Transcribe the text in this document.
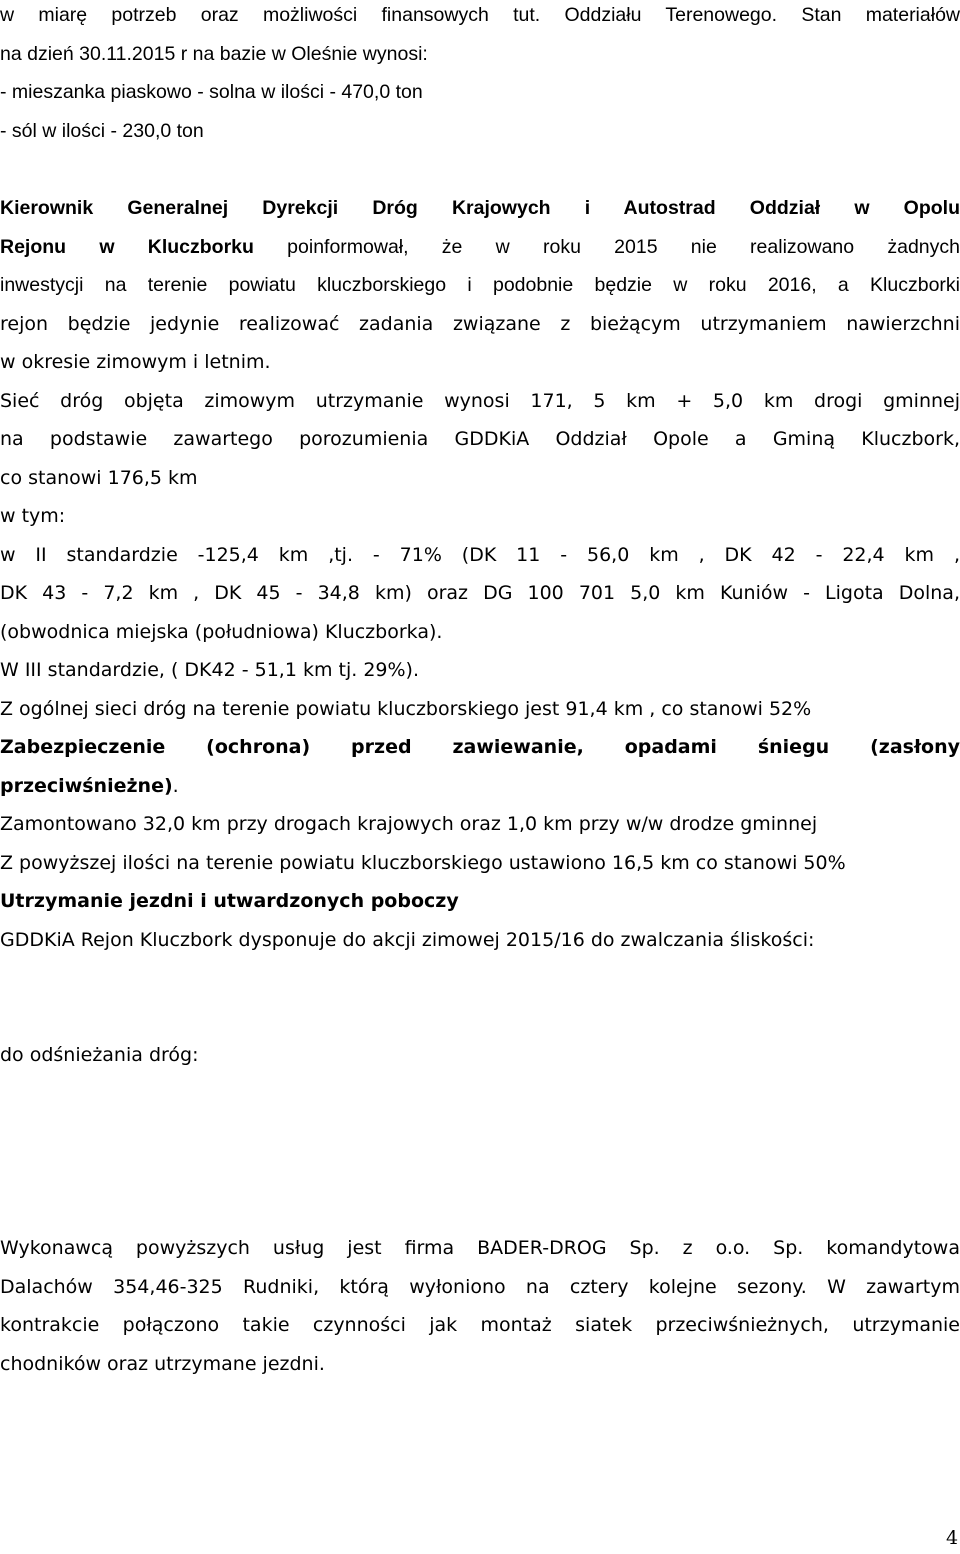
w miarę potrzeb oraz możliwości finansowych tut. Oddziału Terenowego. Stan materiałów
na dzień 30.11.2015 r na bazie w Oleśnie wynosi:
- mieszanka piaskowo - solna w ilości - 470,0 ton
- sól w ilości - 230,0 ton
Kierownik Generalnej Dyrekcji Dróg Krajowych i Autostrad Oddział w Opolu
Rejonu w Kluczborku poinformował, że w roku 2015 nie realizowano żadnych
inwestycji na terenie powiatu kluczborskiego i podobnie będzie w roku 2016, a Kluczborki
rejon będzie jedynie realizować zadania związane z bieżącym utrzymaniem nawierzchni
w okresie zimowym i letnim.
Sieć dróg objęta zimowym utrzymanie wynosi 171, 5 km + 5,0 km drogi gminnej
na podstawie zawartego porozumienia GDDKiA Oddział Opole a Gminą Kluczbork,
co stanowi 176,5 km
w tym:
w II standardzie -125,4 km ,tj. - 71% (DK 11 - 56,0 km , DK 42 - 22,4 km ,
DK 43 - 7,2 km , DK 45 - 34,8 km) oraz DG 100 701 5,0 km Kuniów - Ligota Dolna,
(obwodnica miejska (południowa) Kluczborka).
W III standardzie, ( DK42 - 51,1 km tj. 29%).
Z ogólnej sieci dróg na terenie powiatu kluczborskiego jest 91,4 km , co stanowi 52%
Zabezpieczenie (ochrona) przed zawiewanie, opadami śniegu (zasłony
przeciwśnieżne).
Zamontowano 32,0 km przy drogach krajowych oraz 1,0 km przy w/w drodze gminnej
Z powyższej ilości na terenie powiatu kluczborskiego ustawiono 16,5 km co stanowi 50%
Utrzymanie jezdni i utwardzonych poboczy
GDDKiA Rejon Kluczbork dysponuje do akcji zimowej 2015/16 do zwalczania śliskości:
do odśnieżania dróg:
Wykonawcą powyższych usług jest firma BADER-DROG Sp. z o.o. Sp. komandytowa
Dalachów 354,46-325 Rudniki, którą wyłoniono na cztery kolejne sezony. W zawartym
kontrakcie połączono takie czynności jak montaż siatek przeciwśnieżnych, utrzymanie
chodników oraz utrzymane jezdni.
4
